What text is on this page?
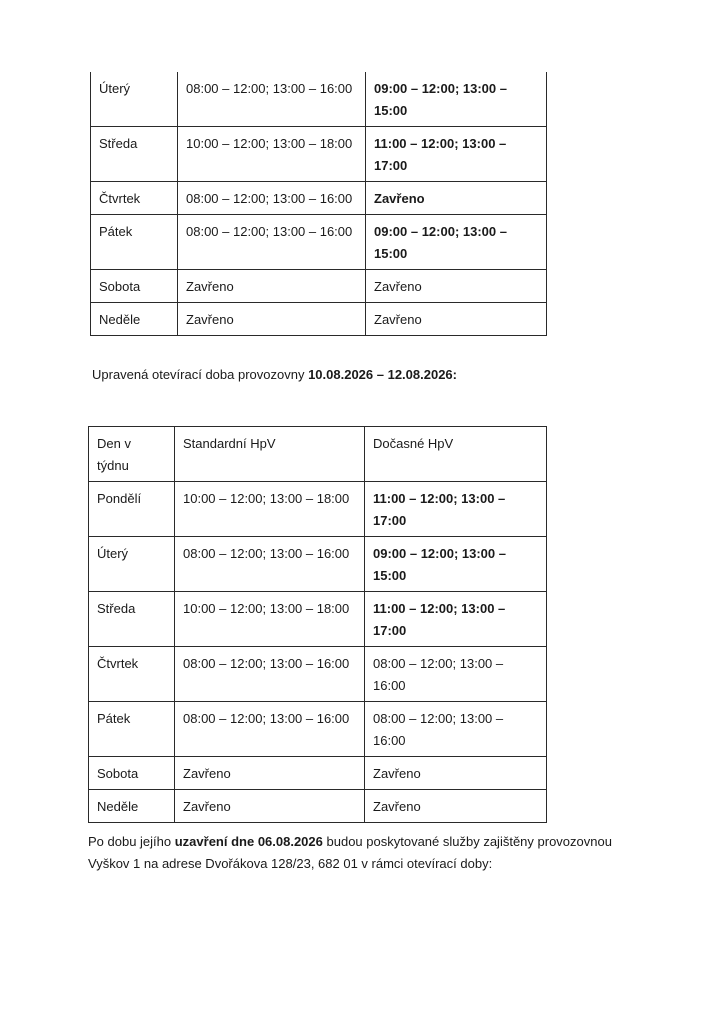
Úterý	08:00 – 12:00; 13:00 – 16:00	09:00 – 12:00; 13:00 – 15:00
Středa	10:00 – 12:00; 13:00 – 18:00	11:00 – 12:00; 13:00 – 17:00
Čtvrtek	08:00 – 12:00; 13:00 – 16:00	Zavřeno
Pátek	08:00 – 12:00; 13:00 – 16:00	09:00 – 12:00; 13:00 – 15:00
Sobota	Zavřeno	Zavřeno
Neděle	Zavřeno	Zavřeno

Upravená otevírací doba provozovny 10.08.2026 – 12.08.2026:

Den v týdnu	Standardní HpV	Dočasné HpV
Pondělí	10:00 – 12:00; 13:00 – 18:00	11:00 – 12:00; 13:00 – 17:00
Úterý	08:00 – 12:00; 13:00 – 16:00	09:00 – 12:00; 13:00 – 15:00
Středa	10:00 – 12:00; 13:00 – 18:00	11:00 – 12:00; 13:00 – 17:00
Čtvrtek	08:00 – 12:00; 13:00 – 16:00	08:00 – 12:00; 13:00 – 16:00
Pátek	08:00 – 12:00; 13:00 – 16:00	08:00 – 12:00; 13:00 – 16:00
Sobota	Zavřeno	Zavřeno
Neděle	Zavřeno	Zavřeno

Po dobu jejího uzavření dne 06.08.2026 budou poskytované služby zajištěny provozovnou Vyškov 1 na adrese Dvořákova 128/23, 682 01 v rámci otevírací doby:
